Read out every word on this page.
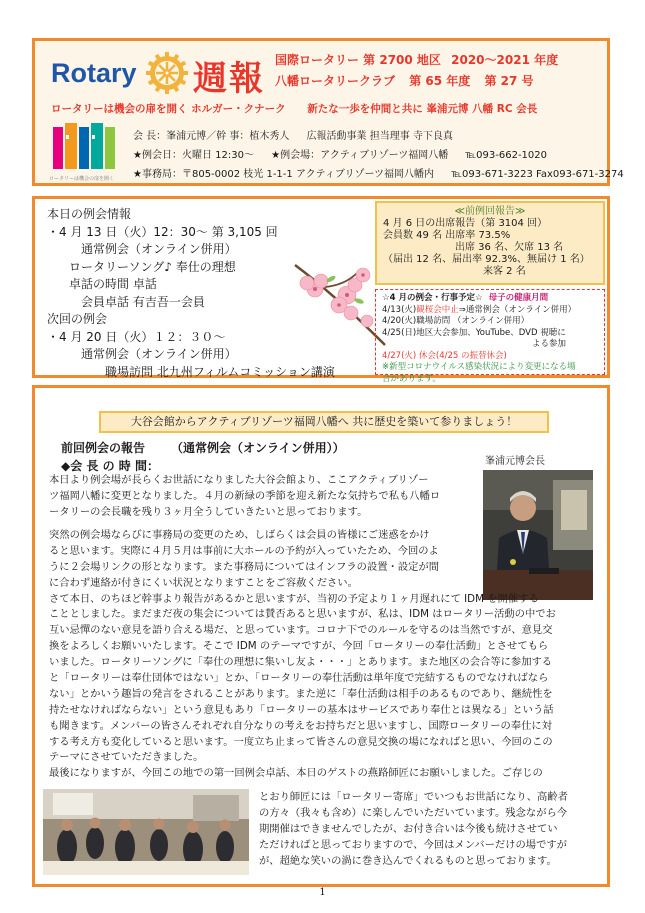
Rotary 週報 国際ロータリー 第 2700 地区 2020～2021 年度
八幡ロータリークラブ 第 65 年度 第 27 号
ロータリーは機会の扉を開く ホルガー・クナーク 新たな一歩を仲間と共に 峯浦元博 八幡 RC 会長
ロータリーは機会の扉を開く
会 長：峯浦元博／幹 事：植木秀人 広報活動事業 担当理事 寺下良真
★例会日：火曜日 12:30～ ★例会場：アクティブリゾーツ福岡八幡 ℡093-662-1020
★事務局：〒805-0002 枝光 1-1-1 アクティブリゾーツ福岡八幡内 ℡093-671-3223 Fax093-671-3274
本日の例会情報
・4 月 13 日（火）12：30～ 第 3,105 回
通常例会（オンライン併用）
ロータリーソング♪ 奉仕の理想
卓話の時間 卓話
会員卓話 有吉吾一会員
次回の例会
・4 月 20 日（火）１２：３０～
通常例会（オンライン併用）
職場訪問 北九州フィルムコミッション講演
≪前例回報告≫
4 月 6 日の出席報告（第 3104 回）
会員数 49 名 出席率 73.5%
出席 36 名、欠席 13 名
（届出 12 名、届出率 92.3%、無届け 1 名）
来客 2 名
☆4 月の例会・行事予定☆ 母子の健康月間
4/13(火)観桜会中止⇒通常例会（オンライン併用）
4/20(火)職場訪問 （オンライン併用）
4/25(日)地区大会参加、YouTube、DVD 視聴に
よる参加
4/27(火) 休会(4/25 の振替休会)
※新型コロナウイルス感染状況により変更になる場
合があります。
大谷会館からアクティブリゾーツ福岡八幡へ 共に歴史を築いて参りましょう！
前回例会の報告 （通常例会（オンライン併用））
◆会 長 の 時 間：	峯浦元博会長
本日より例会場が長らくお世話になりました大谷会館より、ここアクティブリゾー
ツ福岡八幡に変更となりました。４月の新緑の季節を迎え新たな気持ちで私も八幡ロ
ータリーの会長職を残り３ヶ月全うしていきたいと思っております。
突然の例会場ならびに事務局の変更のため、しばらくは会員の皆様にご迷惑をかけ
ると思います。実際に４月５月は事前に大ホールの予約が入っていたため、今回のよ
うに２会場リンクの形となります。また事務局についてはインフラの設置・設定が間
に合わず連絡が付きにくい状況となりますことをご容赦ください。
さて本日、のちほど幹事より報告があるかと思いますが、当初の予定より１ヶ月遅れにて IDM を開催する
こととしました。まだまだ夜の集会については賛否あると思いますが、私は、IDM はロータリー活動の中でお
互い忌憚のない意見を語り合える場だ、と思っています。コロナ下でのルールを守るのは当然ですが、意見交
換をよろしくお願いいたします。そこで IDM のテーマですが、今回「ロータリーの奉仕活動」とさせてもら
いました。ロータリーソングに「奉仕の理想に集いし友よ・・・」とあります。また地区の会合等に参加する
と「ロータリーは奉仕団体ではない」とか、「ロータリーの奉仕活動は単年度で完結するものでなければなら
ない」とかいう趣旨の発言をされることがあります。また逆に「奉仕活動は相手のあるものであり、継続性を
持たせなければならない」という意見もあり「ロータリーの基本はサービスであり奉仕とは異なる」という話
も聞きます。メンバーの皆さんそれぞれ自分なりの考えをお持ちだと思いますし、国際ロータリーの奉仕に対
する考え方も変化していると思います。一度立ち止まって皆さんの意見交換の場になればと思い、今回のこの
テーマにさせていただきました。
最後になりますが、今回この地での第一回例会卓話、本日のゲストの燕路師匠にお願いしました。ご存じの
とおり師匠には「ロータリー寄席」でいつもお世話になり、高齢者
の方々（我々も含め）に楽しんでいただいています。残念ながら今
期開催はできませんでしたが、お付き合いは今後も続けさせてい
ただければと思っておりますので、今回はメンバーだけの場ですが
が、超絶な笑いの渦に巻き込んでくれるものと思っております。
1
